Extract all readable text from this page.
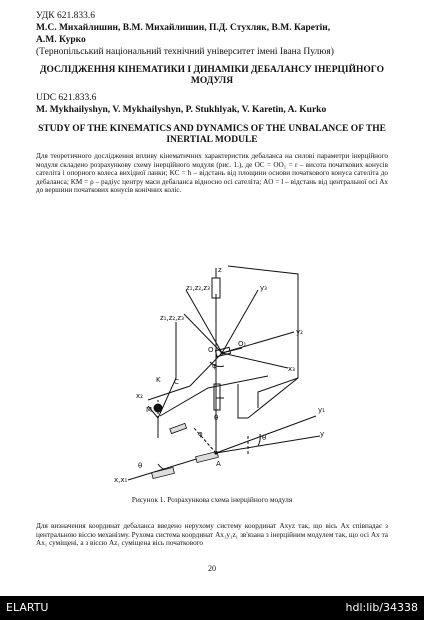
УДК 621.833.6
М.С. Михайлишин, В.М. Михайлишин, П.Д. Стухляк, В.М. Каретін,
А.М. Курко
(Тернопільський національний технічний університет імені Івана Пулюя)
ДОСЛІДЖЕННЯ КІНЕМАТИКИ І ДИНАМІКИ ДЕБАЛАНСУ ІНЕРЦІЙНОГО МОДУЛЯ
UDC 621.833.6
M. Mykhailyshyn, V. Mykhailyshyn, P. Stukhlyak, V. Karetin, A. Kurko
STUDY OF THE KINEMATICS AND DYNAMICS OF THE UNBALANCE OF THE INERTIAL MODULE
Для теоретичного дослідження впливу кінематичних характеристик дебаланса на силові параметри інерційного модуля складено розрахункову схему інерційного модуля (рис. 1.), де OC = OO₁ = r – висота початкових конусів сателіта і опорного колеса вихідної ланки; KC = h – відстань від площини основи початкового конуса сателіта до дебаланса; KM = ρ – радіус центру маси дебаланса відносно осі сателіта; AO = l – відстань від центральної осі Ax до вершини початкових конусів конічних коліс.
z₁,z₂,z₃
z
y₃
z₁,z₂,z₃
y₂
O
x₃
φ
K C
x₂
M
O₁
θ
y₁
θ	y
A
φ
θ
x,x₁
Рисунок 1. Розрахункова схема інерційного модуля
Для визначення координат дебаланса введено нерухому систему координат Axyz так, що вісь Ax співпадає з центральною віссю механізму. Рухома система координат Ax₁y₁z₁ зв'язана з інерційним модулем так, що осі Ax та Ax₁ суміщені, а з віссю Az₁ суміщена вісь початкового
20
ELARTU	hdl:lib/34338
